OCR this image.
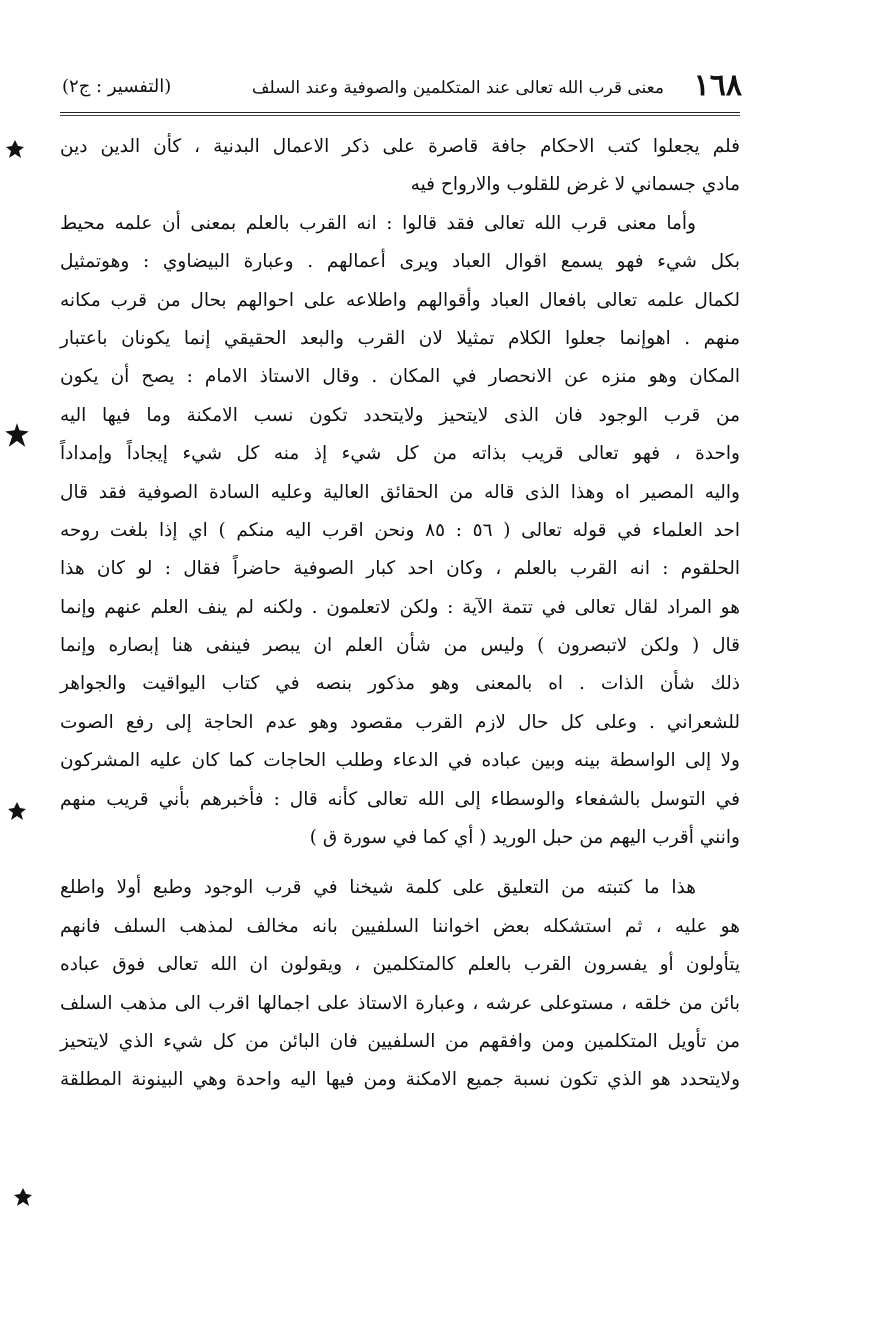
١٦٨
معنى قرب الله تعالى عند المتكلمين والصوفية وعند السلف
(التفسير : ج٢)
فلم يجعلوا كتب الاحكام جافة قاصرة على ذكر الاعمال البدنية ، كأن الدين دين
مادي جسماني لا غرض للقلوب والارواح فيه
وأما معنى قرب الله تعالى فقد قالوا : انه القرب بالعلم بمعنى أن علمه محيط
بكل شيء فهو يسمع اقوال العباد ويرى أعمالهم . وعبارة البيضاوي : وهوتمثيل
لكمال علمه تعالى بافعال العباد وأقوالهم واطلاعه على احوالهم بحال من قرب مكانه
منهم . اهوإنما جعلوا الكلام تمثيلا لان القرب والبعد الحقيقي إنما يكونان باعتبار
المكان وهو منزه عن الانحصار في المكان . وقال الاستاذ الامام : يصح أن يكون
من قرب الوجود فان الذى لايتحيز ولايتحدد تكون نسب الامكنة وما فيها اليه
واحدة ، فهو تعالى قريب بذاته من كل شيء إذ منه كل شيء إيجاداً وإمداداً
واليه المصير اه وهذا الذى قاله من الحقائق العالية وعليه السادة الصوفية فقد قال
احد العلماء في قوله تعالى ( ٥٦ : ٨٥ ونحن اقرب اليه منكم ) اي إذا بلغت روحه
الحلقوم : انه القرب بالعلم ، وكان احد كبار الصوفية حاضراً فقال : لو كان هذا
هو المراد لقال تعالى في تتمة الآية : ولكن لاتعلمون . ولكنه لم ينف العلم عنهم وإنما
قال ( ولكن لاتبصرون ) وليس من شأن العلم ان يبصر فينفى هنا إبصاره وإنما
ذلك شأن الذات . اه بالمعنى وهو مذكور بنصه في كتاب اليواقيت والجواهر
للشعراني . وعلى كل حال لازم القرب مقصود وهو عدم الحاجة إلى رفع الصوت
ولا إلى الواسطة بينه وبين عباده في الدعاء وطلب الحاجات كما كان عليه المشركون
في التوسل بالشفعاء والوسطاء إلى الله تعالى كأنه قال : فأخبرهم بأني قريب منهم
وانني أقرب اليهم من حبل الوريد ( أي كما في سورة ق )
هذا ما كتبته من التعليق على كلمة شيخنا في قرب الوجود وطبع أولا واطلع
هو عليه ، ثم استشكله بعض اخواننا السلفيين بانه مخالف لمذهب السلف فانهم
يتأولون أو يفسرون القرب بالعلم كالمتكلمين ، ويقولون ان الله تعالى فوق عباده
بائن من خلقه ، مستوعلى عرشه ، وعبارة الاستاذ على اجمالها اقرب الى مذهب السلف
من تأويل المتكلمين ومن وافقهم من السلفيين فان البائن من كل شيء الذي لايتحيز
ولايتحدد هو الذي تكون نسبة جميع الامكنة ومن فيها اليه واحدة وهي البينونة المطلقة
